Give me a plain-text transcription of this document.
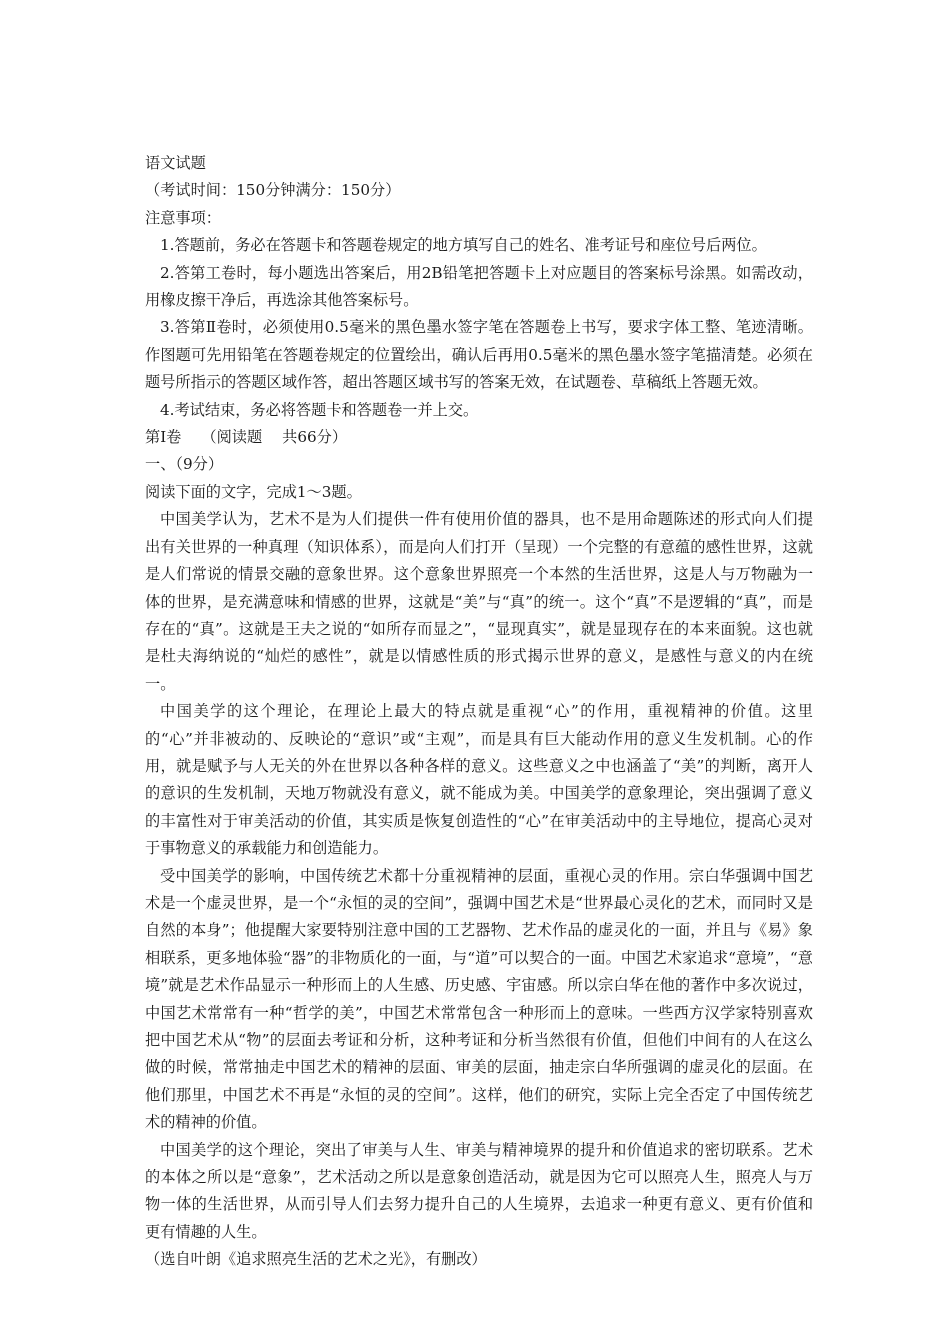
语文试题

（考试时间：150分钟满分：150分）

注意事项：

1.答题前，务必在答题卡和答题卷规定的地方填写自己的姓名、准考证号和座位号后两位。

2.答第工卷时，每小题选出答案后，用2B铅笔把答题卡上对应题目的答案标号涂黑。如需改动，用橡皮擦干净后，再选涂其他答案标号。

3.答第Ⅱ卷时，必须使用0.5毫米的黑色墨水签字笔在答题卷上书写，要求字体工整、笔迹清晰。作图题可先用铅笔在答题卷规定的位置绘出，确认后再用0.5毫米的黑色墨水签字笔描清楚。必须在题号所指示的答题区域作答，超出答题区域书写的答案无效，在试题卷、草稿纸上答题无效。

4.考试结束，务必将答题卡和答题卷一并上交。

第Ⅰ卷　 （阅读题　 共66分）

一、（9分）

阅读下面的文字，完成1～3题。

中国美学认为，艺术不是为人们提供一件有使用价值的器具，也不是用命题陈述的形式向人们提出有关世界的一种真理（知识体系），而是向人们打开（呈现）一个完整的有意蕴的感性世界，这就是人们常说的情景交融的意象世界。这个意象世界照亮一个本然的生活世界，这是人与万物融为一体的世界，是充满意味和情感的世界，这就是“美”与“真”的统一。这个“真”不是逻辑的“真”，而是存在的“真”。这就是王夫之说的“如所存而显之”，“显现真实”，就是显现存在的本来面貌。这也就是杜夫海纳说的“灿烂的感性”，就是以情感性质的形式揭示世界的意义，是感性与意义的内在统一。

中国美学的这个理论，在理论上最大的特点就是重视“心”的作用，重视精神的价值。这里的“心”并非被动的、反映论的“意识”或“主观”，而是具有巨大能动作用的意义生发机制。心的作用，就是赋予与人无关的外在世界以各种各样的意义。这些意义之中也涵盖了“美”的判断，离开人的意识的生发机制，天地万物就没有意义，就不能成为美。中国美学的意象理论，突出强调了意义的丰富性对于审美活动的价值，其实质是恢复创造性的“心”在审美活动中的主导地位，提高心灵对于事物意义的承载能力和创造能力。

受中国美学的影响，中国传统艺术都十分重视精神的层面，重视心灵的作用。宗白华强调中国艺术是一个虚灵世界，是一个“永恒的灵的空间”，强调中国艺术是“世界最心灵化的艺术，而同时又是自然的本身”；他提醒大家要特别注意中国的工艺器物、艺术作品的虚灵化的一面，并且与《易》象相联系，更多地体验“器”的非物质化的一面，与“道”可以契合的一面。中国艺术家追求“意境”，“意境”就是艺术作品显示一种形而上的人生感、历史感、宇宙感。所以宗白华在他的著作中多次说过，中国艺术常常有一种“哲学的美”，中国艺术常常包含一种形而上的意味。一些西方汉学家特别喜欢把中国艺术从“物”的层面去考证和分析，这种考证和分析当然很有价值，但他们中间有的人在这么做的时候，常常抽走中国艺术的精神的层面、审美的层面，抽走宗白华所强调的虚灵化的层面。在他们那里，中国艺术不再是“永恒的灵的空间”。这样，他们的研究，实际上完全否定了中国传统艺术的精神的价值。

中国美学的这个理论，突出了审美与人生、审美与精神境界的提升和价值追求的密切联系。艺术的本体之所以是“意象”，艺术活动之所以是意象创造活动，就是因为它可以照亮人生，照亮人与万物一体的生活世界，从而引导人们去努力提升自己的人生境界，去追求一种更有意义、更有价值和更有情趣的人生。

（选自叶朗《追求照亮生活的艺术之光》，有删改）
